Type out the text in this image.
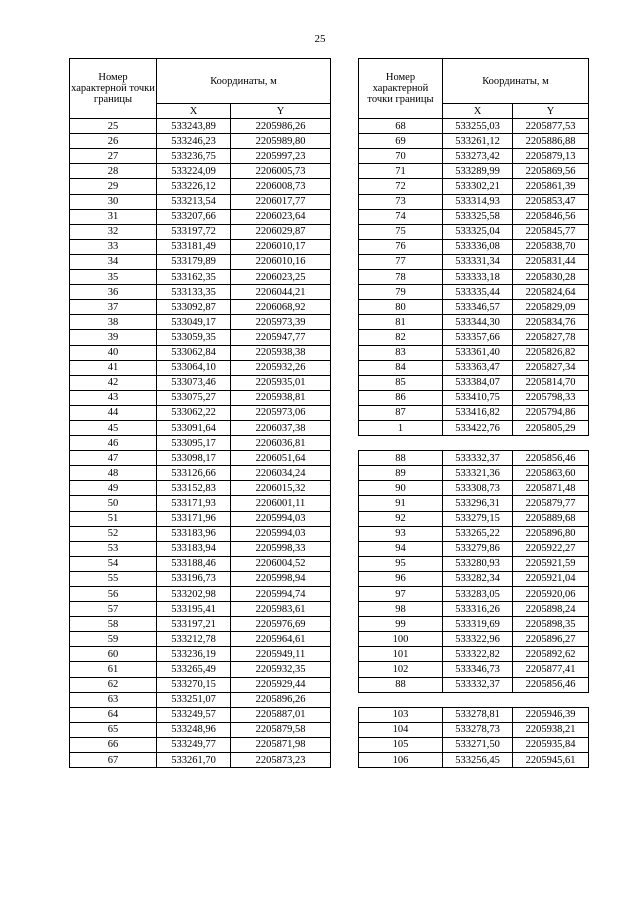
25
Номер характерной точки границы	Координаты, м	
	X	Y
25	533243,89	2205986,26
26	533246,23	2205989,80
27	533236,75	2205997,23
28	533224,09	2206005,73
29	533226,12	2206008,73
30	533213,54	2206017,77
31	533207,66	2206023,64
32	533197,72	2206029,87
33	533181,49	2206010,17
34	533179,89	2206010,16
35	533162,35	2206023,25
36	533133,35	2206044,21
37	533092,87	2206068,92
38	533049,17	2205973,39
39	533059,35	2205947,77
40	533062,84	2205938,38
41	533064,10	2205932,26
42	533073,46	2205935,01
43	533075,27	2205938,81
44	533062,22	2205973,06
45	533091,64	2206037,38
46	533095,17	2206036,81
47	533098,17	2206051,64
48	533126,66	2206034,24
49	533152,83	2206015,32
50	533171,93	2206001,11
51	533171,96	2205994,03
52	533183,96	2205994,03
53	533183,94	2205998,33
54	533188,46	2206004,52
55	533196,73	2205998,94
56	533202,98	2205994,74
57	533195,41	2205983,61
58	533197,21	2205976,69
59	533212,78	2205964,61
60	533236,19	2205949,11
61	533265,49	2205932,35
62	533270,15	2205929,44
63	533251,07	2205896,26
64	533249,57	2205887,01
65	533248,96	2205879,58
66	533249,77	2205871,98
67	533261,70	2205873,23
Номер характерной точки границы	Координаты, м	
	X	Y
68	533255,03	2205877,53
69	533261,12	2205886,88
70	533273,42	2205879,13
71	533289,99	2205869,56
72	533302,21	2205861,39
73	533314,93	2205853,47
74	533325,58	2205846,56
75	533325,04	2205845,77
76	533336,08	2205838,70
77	533331,34	2205831,44
78	533333,18	2205830,28
79	533335,44	2205824,64
80	533346,57	2205829,09
81	533344,30	2205834,76
82	533357,66	2205827,78
83	533361,40	2205826,82
84	533363,47	2205827,34
85	533384,07	2205814,70
86	533410,75	2205798,33
87	533416,82	2205794,86
1	533422,76	2205805,29

88	533332,37	2205856,46
89	533321,36	2205863,60
90	533308,73	2205871,48
91	533296,31	2205879,77
92	533279,15	2205889,68
93	533265,22	2205896,80
94	533279,86	2205922,27
95	533280,93	2205921,59
96	533282,34	2205921,04
97	533283,05	2205920,06
98	533316,26	2205898,24
99	533319,69	2205898,35
100	533322,96	2205896,27
101	533322,82	2205892,62
102	533346,73	2205877,41
88	533332,37	2205856,46

103	533278,81	2205946,39
104	533278,73	2205938,21
105	533271,50	2205935,84
106	533256,45	2205945,61
